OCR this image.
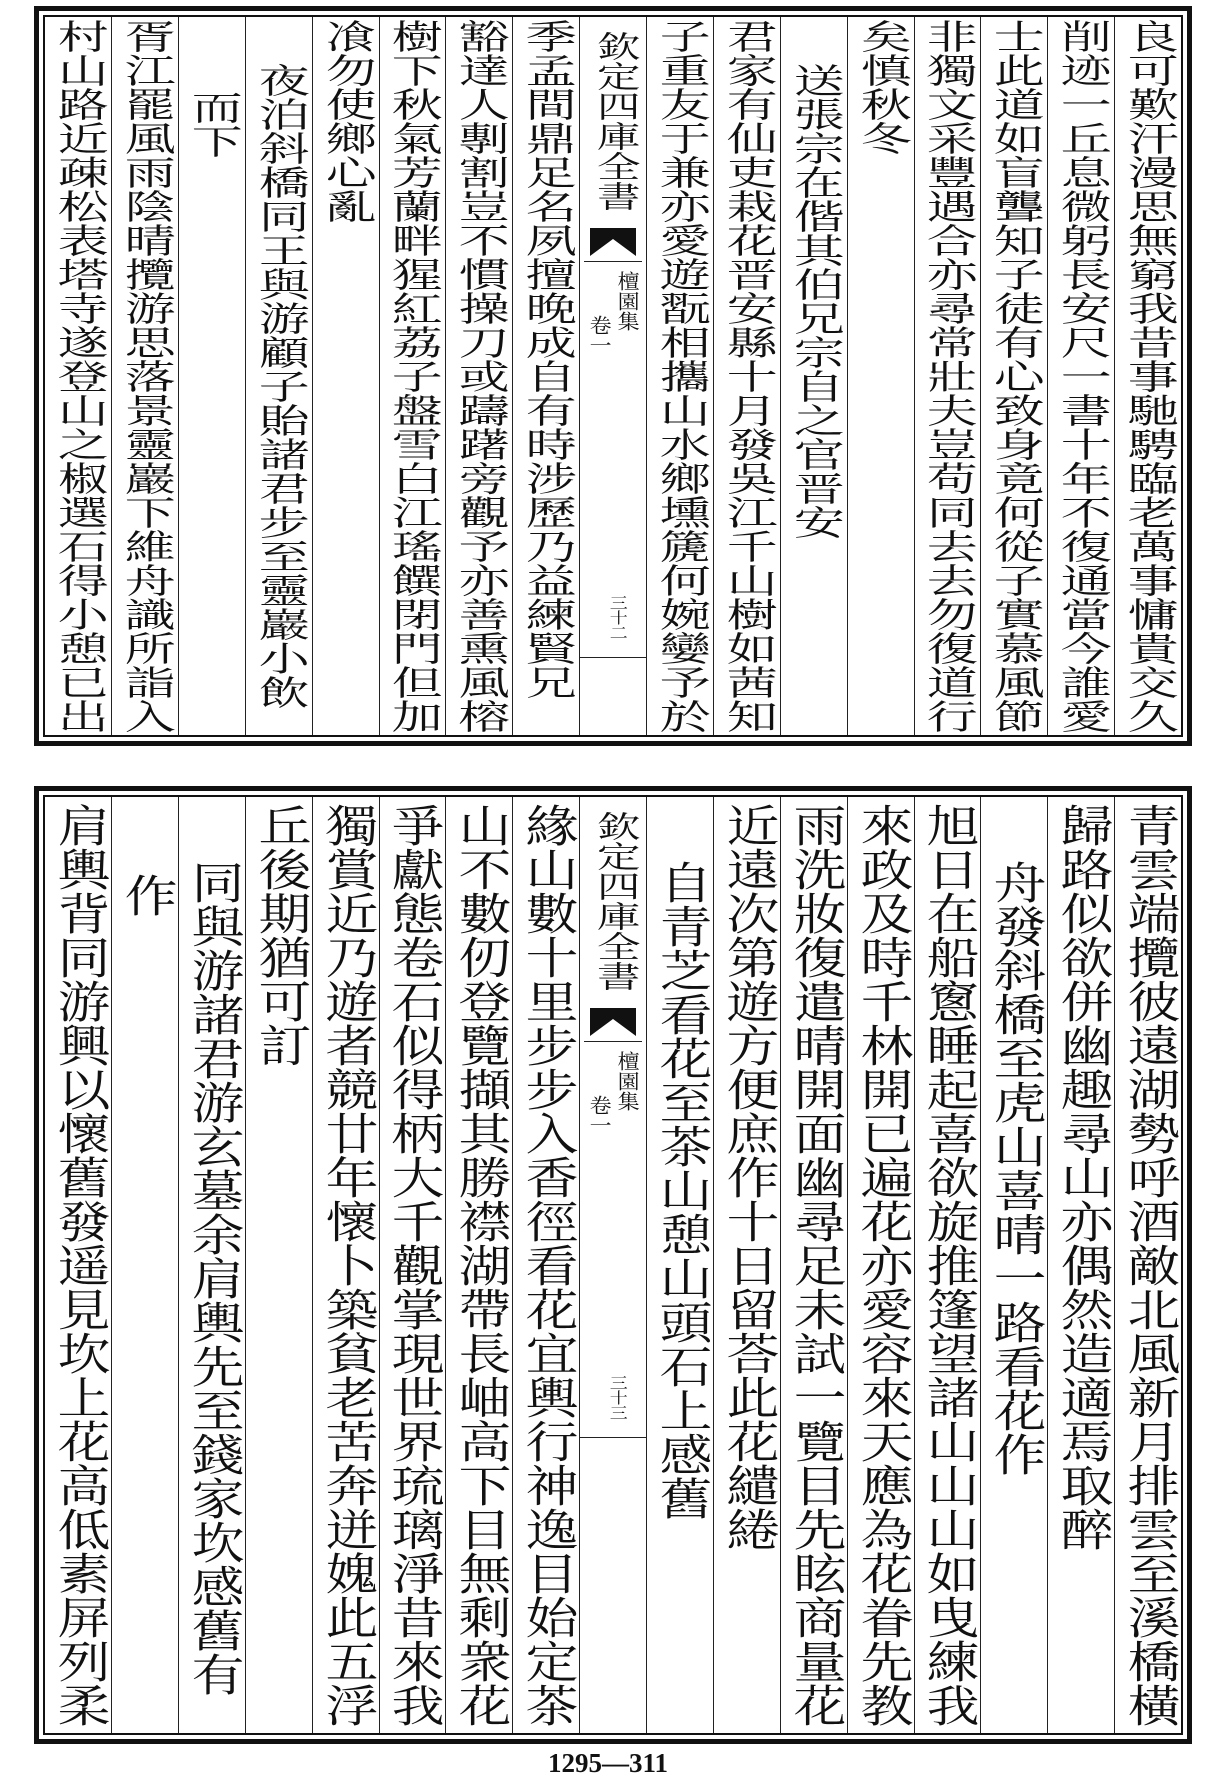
良可歎汗漫思無窮我昔事馳騁臨老萬事慵貴交久
削迹一丘息微躬長安尺一書十年不復通當今誰愛
士此道如盲聾知子徒有心致身竟何從子實慕風節
非獨文采豐遇合亦尋常壯夫豈苟同去去勿復道行
矣慎秋冬
送張宗在偕其伯兄宗自之官晋安
君家有仙吏栽花晋安縣十月發吳江千山樹如茜知
子重友于兼亦愛遊翫相攜山水鄉壎篪何婉孌予於
欽定四庫全書
檀園集
卷一
三十二
季孟間鼎足名夙擅晚成自有時涉歷乃益練賢兄
豁達人剸割豈不慣操刀或躊躇旁觀予亦善熏風榕
樹下秋氣芳蘭畔猩紅荔子盤雪白江瑤饌閉門但加
飡勿使鄉心亂
夜泊斜橋同王與游顧子貽諸君步至靈巖小飲
而下
胥江罷風雨陰晴攬游思落景靈巖下維舟識所詣入
村山路近疎松表塔寺遂登山之椒選石得小憩已出
青雲端攬彼遠湖勢呼酒敵北風新月排雲至溪橋橫
歸路似欲併幽趣尋山亦偶然造適焉取醉
舟發斜橋至虎山喜晴一路看花作
旭日在船窻睡起喜欲旋推篷望諸山山山如曳練我
來政及時千林開已遍花亦愛容來天應為花眷先教
雨洗妝復遣晴開面幽尋足未試一覽目先眩商量花
近遠次第遊方便庶作十日留荅此花繾綣
自青芝看花至茶山憩山頭石上感舊
欽定四庫全書
檀園集
卷一
三十三
緣山數十里步步入香徑看花宜輿行神逸目始定茶
山不數仞登覽擷其勝襟湖帶長岫高下目無剩衆花
爭獻態卷石似得柄大千觀掌現世界琉璃淨昔來我
獨賞近乃遊者競廿年懷卜築貧老苦奔迸媿此五浮
丘後期猶可訂
同與游諸君游玄墓余肩輿先至錢家坎感舊有
作
肩輿背同游興以懷舊發遥見坎上花高低素屏列柔
1295—311
